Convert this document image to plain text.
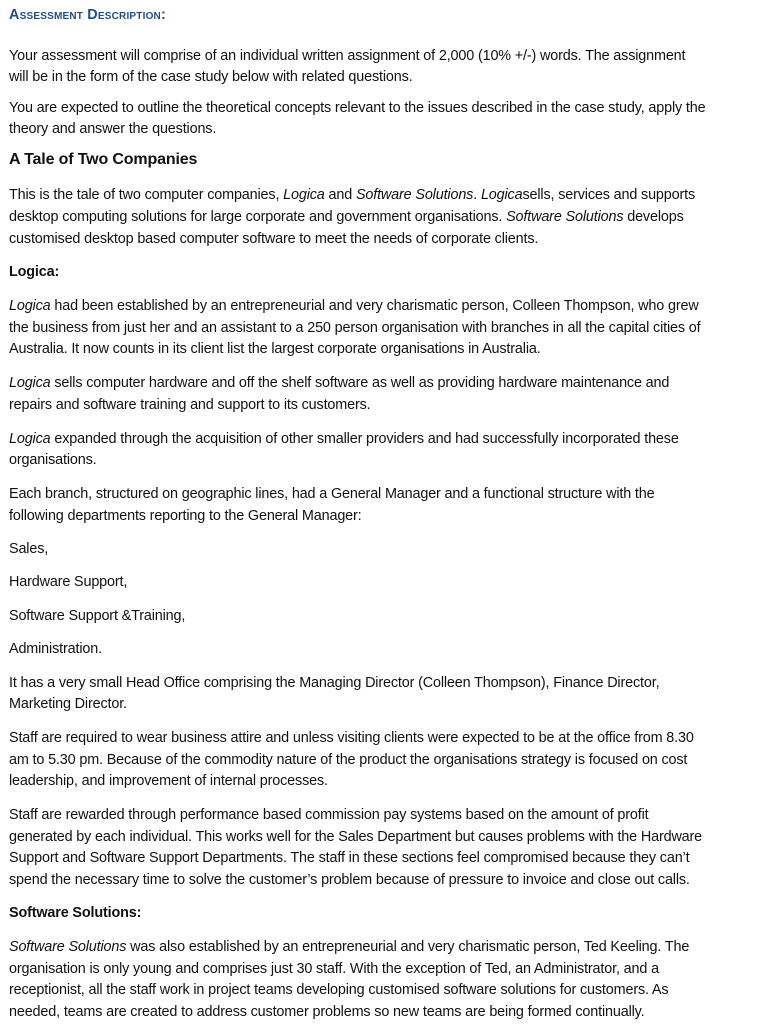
Assessment Description:
Your assessment will comprise of an individual written assignment of 2,000 (10% +/-) words. The assignment
will be in the form of the case study below with related questions.
You are expected to outline the theoretical concepts relevant to the issues described in the case study, apply the
theory and answer the questions.
A Tale of Two Companies
This is the tale of two computer companies, Logica and Software Solutions. Logicasells, services and supports
desktop computing solutions for large corporate and government organisations. Software Solutions develops
customised desktop based computer software to meet the needs of corporate clients.
Logica:
Logica had been established by an entrepreneurial and very charismatic person, Colleen Thompson, who grew
the business from just her and an assistant to a 250 person organisation with branches in all the capital cities of
Australia. It now counts in its client list the largest corporate organisations in Australia.
Logica sells computer hardware and off the shelf software as well as providing hardware maintenance and
repairs and software training and support to its customers.
Logica expanded through the acquisition of other smaller providers and had successfully incorporated these
organisations.
Each branch, structured on geographic lines, had a General Manager and a functional structure with the
following departments reporting to the General Manager:
Sales,
Hardware Support,
Software Support &Training,
Administration.
It has a very small Head Office comprising the Managing Director (Colleen Thompson), Finance Director,
Marketing Director.
Staff are required to wear business attire and unless visiting clients were expected to be at the office from 8.30
am to 5.30 pm. Because of the commodity nature of the product the organisations strategy is focused on cost
leadership, and improvement of internal processes.
Staff are rewarded through performance based commission pay systems based on the amount of profit
generated by each individual. This works well for the Sales Department but causes problems with the Hardware
Support and Software Support Departments. The staff in these sections feel compromised because they can’t
spend the necessary time to solve the customer’s problem because of pressure to invoice and close out calls.
Software Solutions:
Software Solutions was also established by an entrepreneurial and very charismatic person, Ted Keeling. The
organisation is only young and comprises just 30 staff. With the exception of Ted, an Administrator, and a
receptionist, all the staff work in project teams developing customised software solutions for customers. As
needed, teams are created to address customer problems so new teams are being formed continually.
